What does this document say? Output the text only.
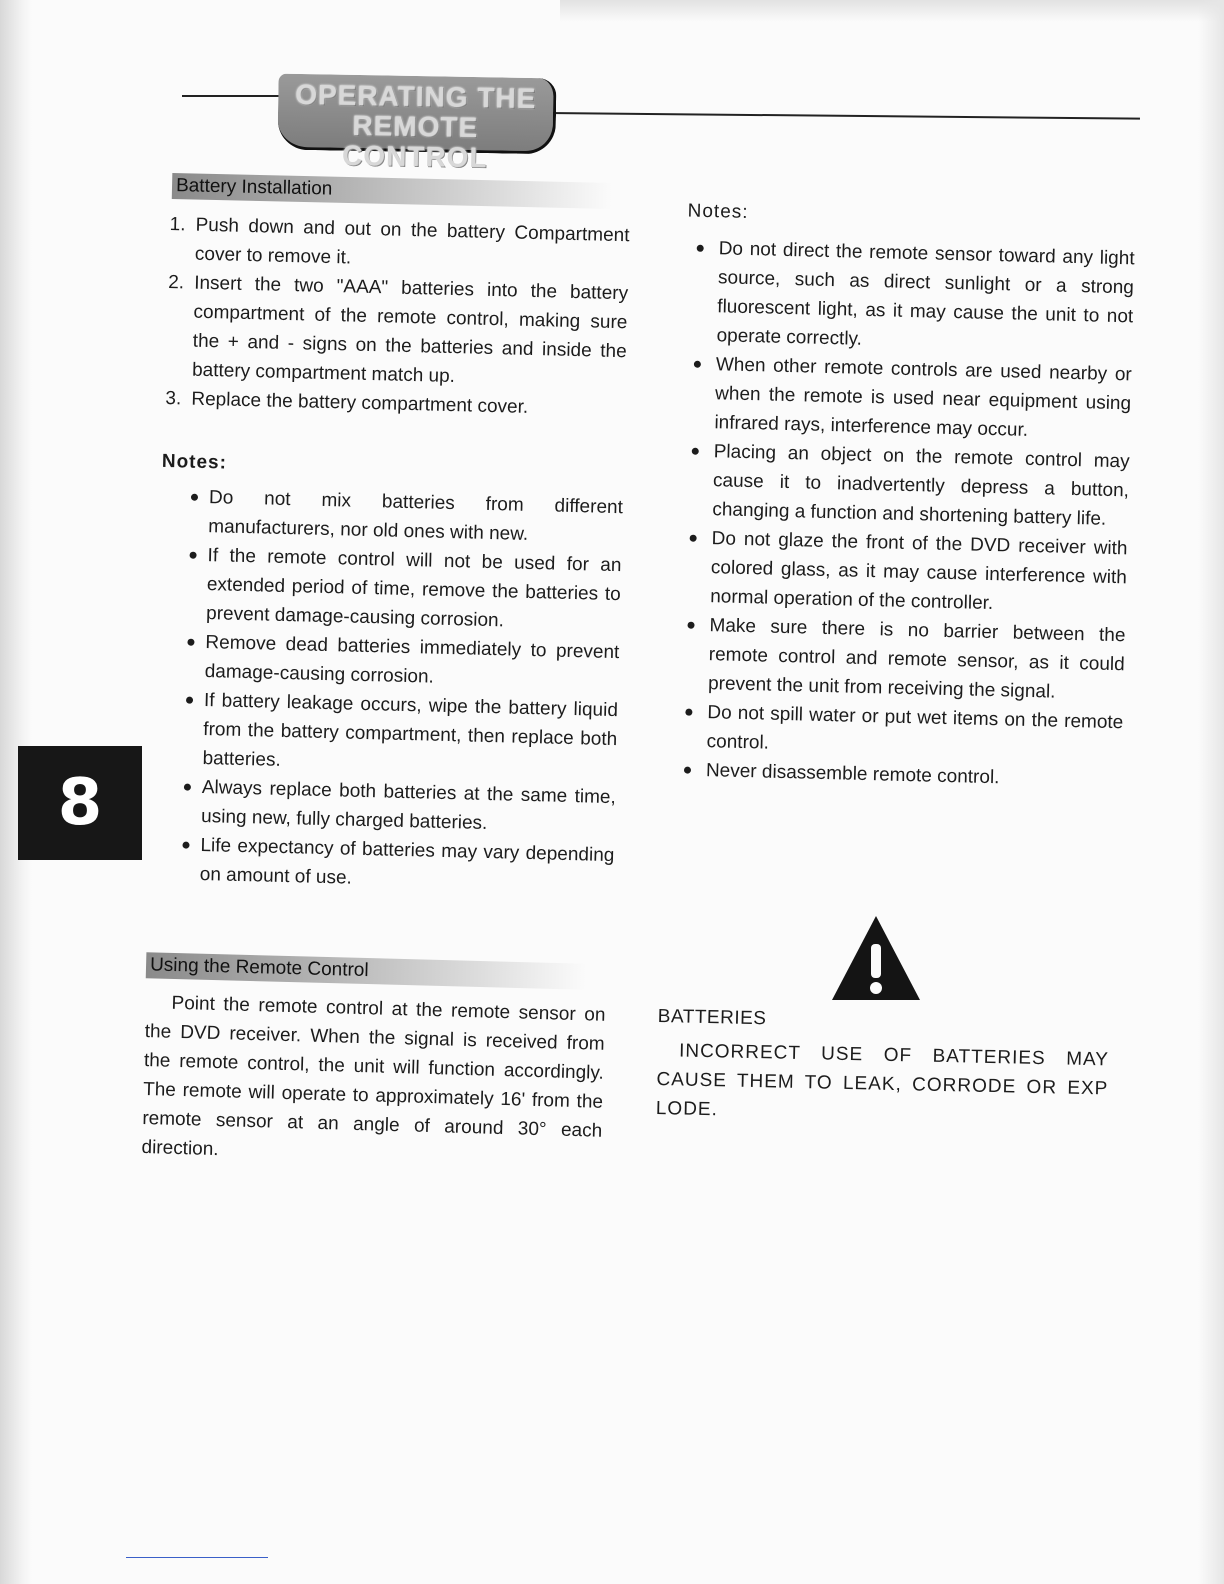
OPERATING THE
REMOTE CONTROL
Battery Installation
1. Push down and out on the battery Compartment cover to remove it.
2. Insert the two "AAA" batteries into the battery compartment of the remote control, making sure the + and - signs on the batteries and inside the battery compartment match up.
3. Replace the battery compartment cover.
Notes:
Do not mix batteries from different manufacturers, nor old ones with new.
If the remote control will not be used for an extended period of time, remove the batteries to prevent damage-causing corrosion.
Remove dead batteries immediately to prevent damage-causing corrosion.
If battery leakage occurs, wipe the battery liquid from the battery compartment, then replace both batteries.
Always replace both batteries at the same time, using new, fully charged batteries.
Life expectancy of batteries may vary depending on amount of use.
Notes:
Do not direct the remote sensor toward any light source, such as direct sunlight or a strong fluorescent light, as it may cause the unit to not operate correctly.
When other remote controls are used nearby or when the remote is used near equipment using infrared rays, interference may occur.
Placing an object on the remote control may cause it to inadvertently depress a button, changing a function and shortening battery life.
Do not glaze the front of the DVD receiver with colored glass, as it may cause interference with normal operation of the controller.
Make sure there is no barrier between the remote control and remote sensor, as it could prevent the unit from receiving the signal.
Do not spill water or put wet items on the remote control.
Never disassemble remote control.
8
Using the Remote Control

Point the remote control at the remote sensor on the DVD receiver. When the signal is received from the remote control, the unit will function accordingly. The remote will operate to approximately 16' from the remote sensor at an angle of around 30° each direction.

BATTERIES

INCORRECT USE OF BATTERIES MAY CAUSE THEM TO LEAK, CORRODE OR EXP LODE.
